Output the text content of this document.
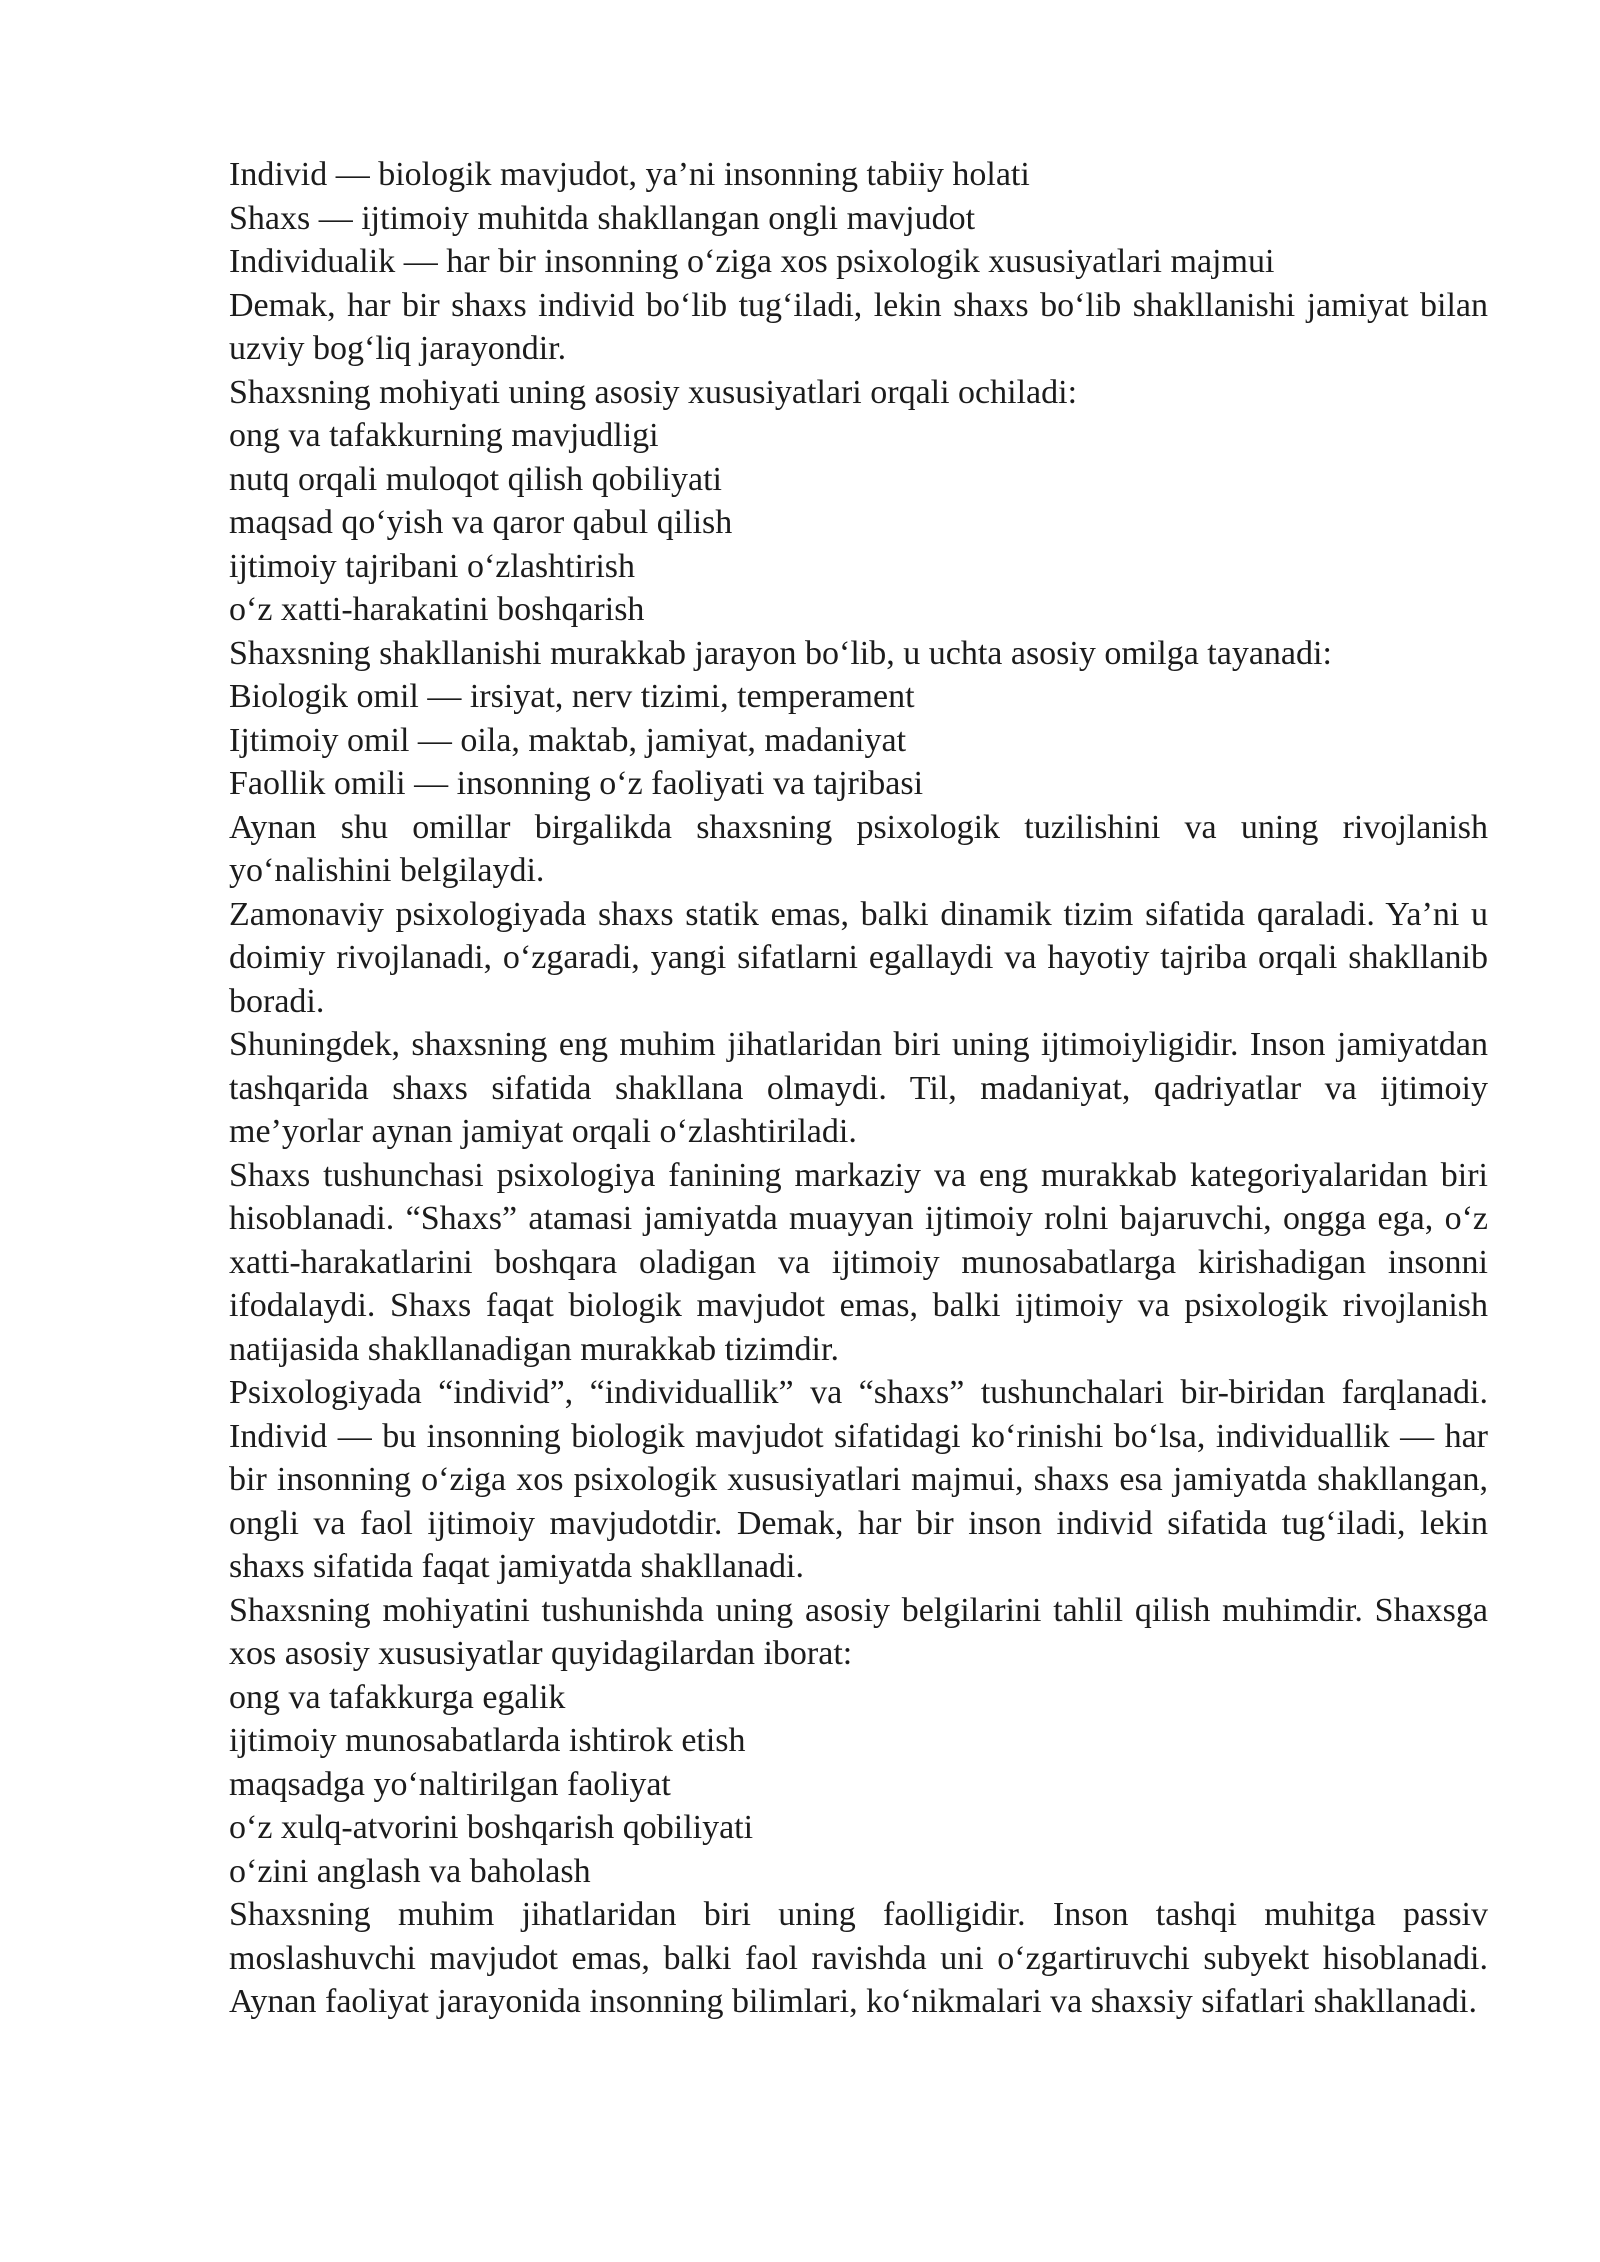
Individ — biologik mavjudot, ya’ni insonning tabiiy holati

Shaxs — ijtimoiy muhitda shakllangan ongli mavjudot

Individualik — har bir insonning o‘ziga xos psixologik xususiyatlari majmui

Demak, har bir shaxs individ bo‘lib tug‘iladi, lekin shaxs bo‘lib shakllanishi jamiyat bilan uzviy bog‘liq jarayondir.

Shaxsning mohiyati uning asosiy xususiyatlari orqali ochiladi:

ong va tafakkurning mavjudligi

nutq orqali muloqot qilish qobiliyati

maqsad qo‘yish va qaror qabul qilish

ijtimoiy tajribani o‘zlashtirish

o‘z xatti-harakatini boshqarish

Shaxsning shakllanishi murakkab jarayon bo‘lib, u uchta asosiy omilga tayanadi:

Biologik omil — irsiyat, nerv tizimi, temperament

Ijtimoiy omil — oila, maktab, jamiyat, madaniyat

Faollik omili — insonning o‘z faoliyati va tajribasi

Aynan shu omillar birgalikda shaxsning psixologik tuzilishini va uning rivojlanish yo‘nalishini belgilaydi.

Zamonaviy psixologiyada shaxs statik emas, balki dinamik tizim sifatida qaraladi. Ya’ni u doimiy rivojlanadi, o‘zgaradi, yangi sifatlarni egallaydi va hayotiy tajriba orqali shakllanib boradi.

Shuningdek, shaxsning eng muhim jihatlaridan biri uning ijtimoiyligidir. Inson jamiyatdan tashqarida shaxs sifatida shakllana olmaydi. Til, madaniyat, qadriyatlar va ijtimoiy me’yorlar aynan jamiyat orqali o‘zlashtiriladi.

Shaxs tushunchasi psixologiya fanining markaziy va eng murakkab kategoriyalaridan biri hisoblanadi. “Shaxs” atamasi jamiyatda muayyan ijtimoiy rolni bajaruvchi, ongga ega, o‘z xatti-harakatlarini boshqara oladigan va ijtimoiy munosabatlarga kirishadigan insonni ifodalaydi. Shaxs faqat biologik mavjudot emas, balki ijtimoiy va psixologik rivojlanish natijasida shakllanadigan murakkab tizimdir.

Psixologiyada “individ”, “individuallik” va “shaxs” tushunchalari bir-biridan farqlanadi. Individ — bu insonning biologik mavjudot sifatidagi ko‘rinishi bo‘lsa, individuallik — har bir insonning o‘ziga xos psixologik xususiyatlari majmui, shaxs esa jamiyatda shakllangan, ongli va faol ijtimoiy mavjudotdir. Demak, har bir inson individ sifatida tug‘iladi, lekin shaxs sifatida faqat jamiyatda shakllanadi.

Shaxsning mohiyatini tushunishda uning asosiy belgilarini tahlil qilish muhimdir. Shaxsga xos asosiy xususiyatlar quyidagilardan iborat:

ong va tafakkurga egalik

ijtimoiy munosabatlarda ishtirok etish

maqsadga yo‘naltirilgan faoliyat

o‘z xulq-atvorini boshqarish qobiliyati

o‘zini anglash va baholash

Shaxsning muhim jihatlaridan biri uning faolligidir. Inson tashqi muhitga passiv moslashuvchi mavjudot emas, balki faol ravishda uni o‘zgartiruvchi subyekt hisoblanadi. Aynan faoliyat jarayonida insonning bilimlari, ko‘nikmalari va shaxsiy sifatlari shakllanadi.
